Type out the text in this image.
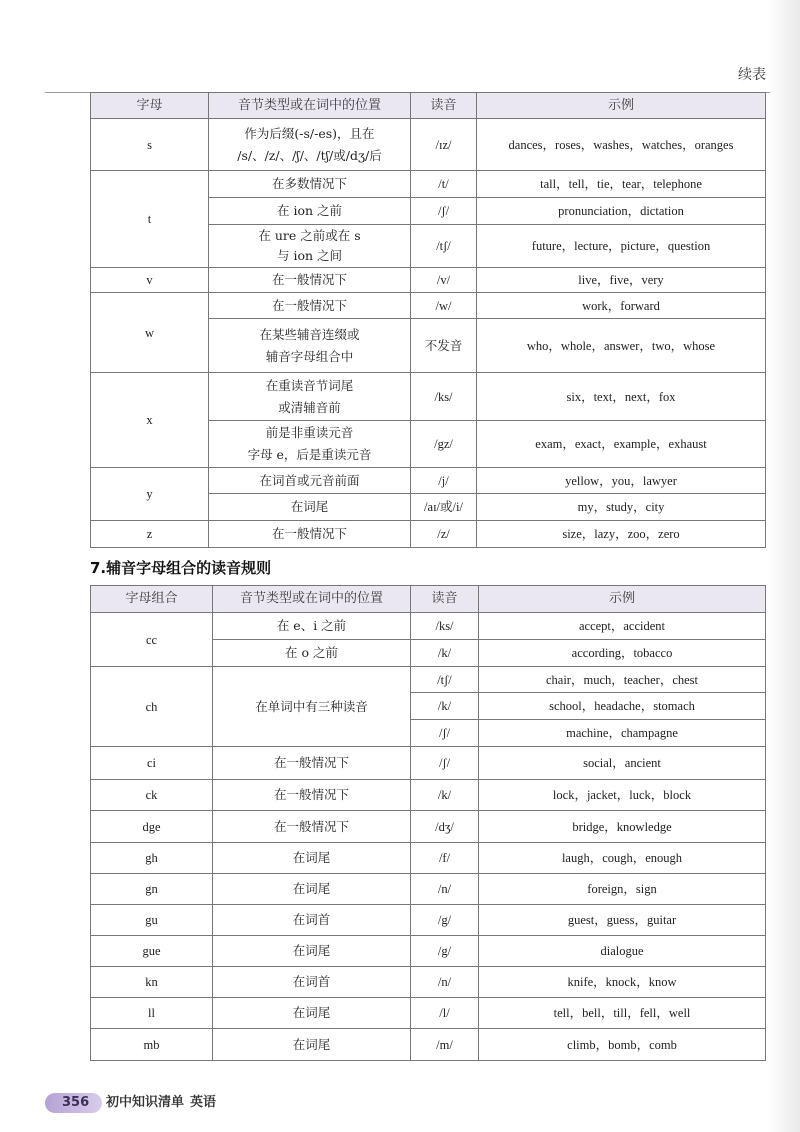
续表
字母	音节类型或在词中的位置	读音	示例
s	作为后缀(-s/-es)，且在
/s/、/z/、/ʃ/、/tʃ/或/dʒ/后	/ɪz/	dances，roses，washes，watches，oranges
t	在多数情况下	/t/	tall，tell，tie，tear，telephone
	在 ion 之前	/ʃ/	pronunciation，dictation

	在 ure 之前或在 s
与 ion 之间	/tʃ/	future，lecture，picture，question
v	在一般情况下	/v/	live，five，very
w	在一般情况下	/w/	work，forward

	在某些辅音连缀或
辅音字母组合中	不发音	who，whole，answer，two，whose
x	在重读音节词尾
或清辅音前	/ks/	six，text，next，fox

	前是非重读元音
字母 e，后是重读元音	/gz/	exam，exact，example，exhaust
y	在词首或元音前面	/j/	yellow，you，lawyer
	在词尾	/aɪ/或/i/	my，study，city
z	在一般情况下	/z/	size，lazy，zoo，zero
7.辅音字母组合的读音规则
字母组合	音节类型或在词中的位置	读音	示例
cc	在 e、i 之前	/ks/	accept，accident
	在 o 之前	/k/	according，tobacco
ch	在单词中有三种读音	/tʃ/	chair，much，teacher，chest
		/k/	school，headache，stomach
		/ʃ/	machine，champagne
ci	在一般情况下	/ʃ/	social，ancient
ck	在一般情况下	/k/	lock，jacket，luck，block
dge	在一般情况下	/dʒ/	bridge，knowledge
gh	在词尾	/f/	laugh，cough，enough
gn	在词尾	/n/	foreign，sign
gu	在词首	/g/	guest，guess，guitar
gue	在词尾	/g/	dialogue
kn	在词首	/n/	knife，knock，know
ll	在词尾	/l/	tell，bell，till，fell，well
mb	在词尾	/m/	climb，bomb，comb
356 初中知识清单 英语
